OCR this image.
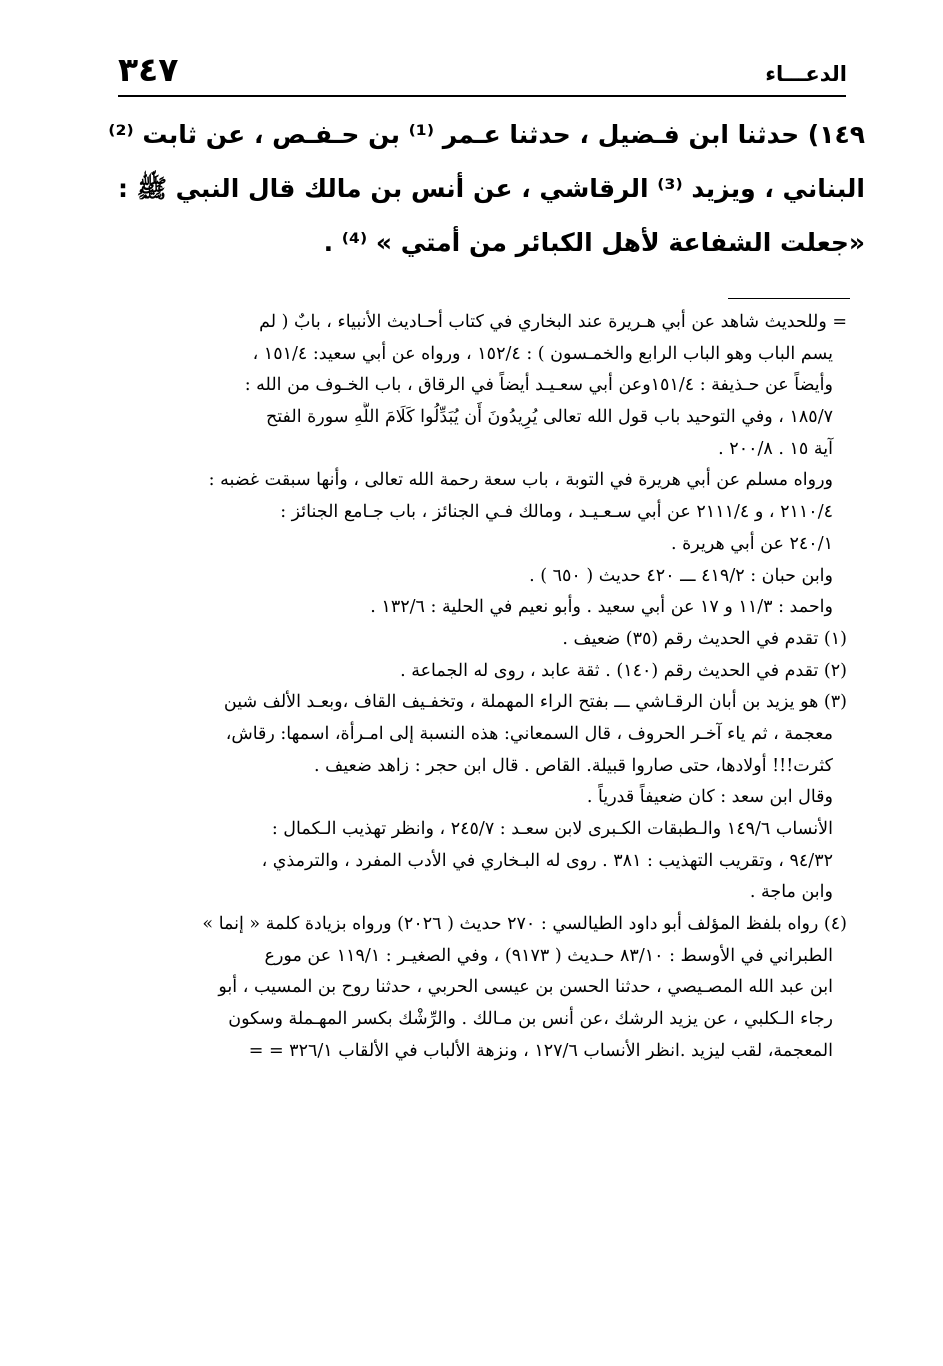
الدعـــاء
٣٤٧
١٤٩) حدثنا ابن فـضيل ، حدثنا عـمر ⁽¹⁾ بن حـفـص ، عن ثابت ⁽²⁾
البناني ، ويزيد ⁽³⁾ الرقاشي ، عن أنس بن مالك قال النبي ﷺ :
«جعلت الشفاعة لأهل الكبائر من أمتي » ⁽⁴⁾ .
= وللحديث شاهد عن أبي هـريرة عند البخاري في كتاب أحـاديث الأنبياء ، بابٌ ( لم
يسم الباب وهو الباب الرابع والخمـسون ) : ١٥٢/٤ ، ورواه عن أبي سعيد: ١٥١/٤ ،
وأيضاً عن حـذيفة : ١٥١/٤وعن أبي سعـيـد أيضاً في الرقاق ، باب الخـوف من الله :
١٨٥/٧ ، وفي التوحيد باب قول الله تعالى يُرِيدُونَ أَن يُبَدِّلُوا كَلَامَ اللَّهِ سورة الفتح
آية ١٥ . ٢٠٠/٨ .
ورواه مسلم عن أبي هريرة في التوبة ، باب سعة رحمة الله تعالى ، وأنها سبقت غضبه :
٢١١٠/٤ ، و ٢١١١/٤ عن أبي سـعـيـد ، ومالك فـي الجنائز ، باب جـامع الجنائز :
٢٤٠/١ عن أبي هريرة .
وابن حبان : ٤١٩/٢ ـــ ٤٢٠ حديث ( ٦٥٠ ) .
واحمد : ١١/٣ و ١٧ عن أبي سعيد . وأبو نعيم في الحلية : ١٣٢/٦ .
(١) تقدم في الحديث رقم (٣٥) ضعيف .
(٢) تقدم في الحديث رقم (١٤٠) . ثقة عابد ، روى له الجماعة .
(٣) هو يزيد بن أبان الرقـاشي ـــ بفتح الراء المهملة ، وتخفـيف القاف ،وبعـد الألف شين
معجمة ، ثم ياء آخـر الحروف ، قال السمعاني: هذه النسبة إلى امـرأة، اسمها: رقاش،
كثرت!!! أولادها، حتى صاروا قبيلة. القاص . قال ابن حجر : زاهد ضعيف .
وقال ابن سعد : كان ضعيفاً قدرياً .
الأنساب ١٤٩/٦ والـطبقات الكـبرى لابن سعـد : ٢٤٥/٧ ، وانظر تهذيب الـكمال :
٩٤/٣٢ ، وتقريب التهذيب : ٣٨١ . روى له البـخاري في الأدب المفرد ، والترمذي ،
وابن ماجة .
(٤) رواه بلفظ المؤلف أبو داود الطيالسي : ٢٧٠ حديث ( ٢٠٢٦) ورواه بزيادة كلمة « إنما »
الطبراني في الأوسط : ٨٣/١٠ حـديث ( ٩١٧٣) ، وفي الصغيـر : ١١٩/١ عن مورع
ابن عبد الله المصـيصي ، حدثنا الحسن بن عيسى الحربي ، حدثنا روح بن المسيب ، أبو
رجاء الـكلبي ، عن يزيد الرشك ،عن أنس بن مـالك . والرِّشْك بكسر المهـملة وسكون
المعجمة، لقب ليزيد .انظر الأنساب ١٢٧/٦ ، ونزهة الألباب في الألقاب ٣٢٦/١ = =
